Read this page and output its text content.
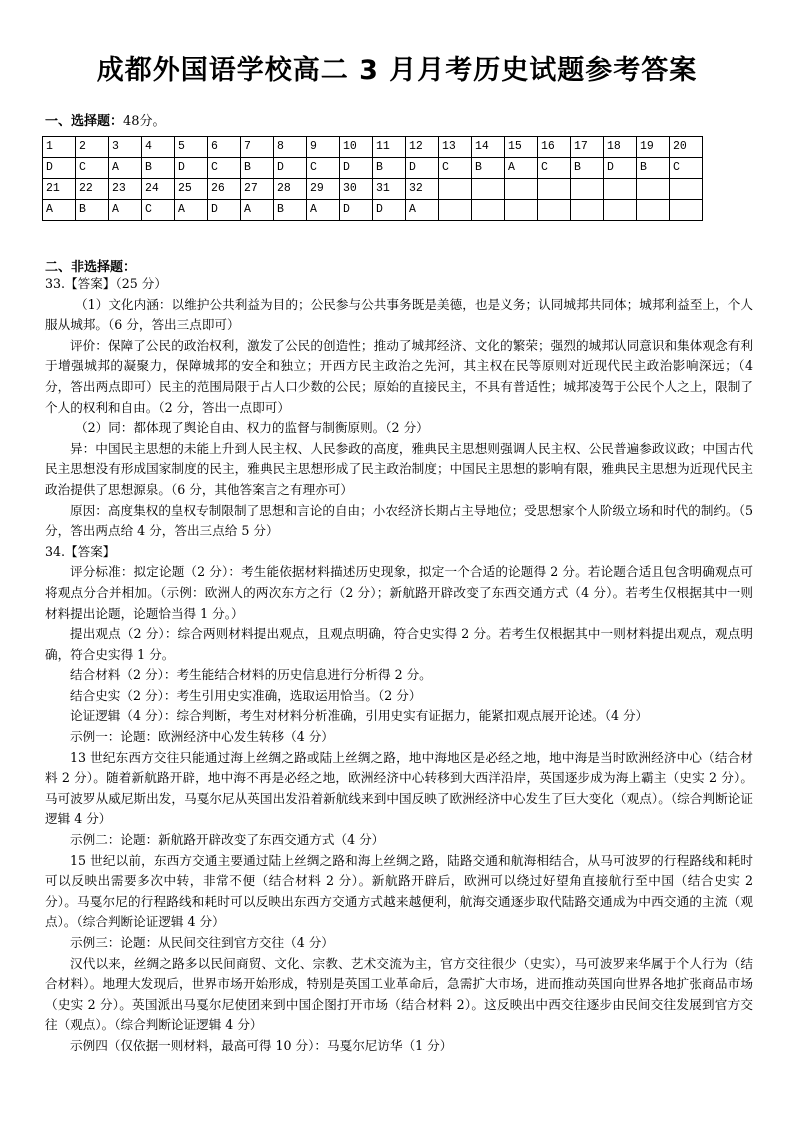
成都外国语学校高二 3 月月考历史试题参考答案
一、选择题：48分。
1	2	3	4	5	6	7	8	9	10	11	12	13	14	15	16	17	18	19	20
D	C	A	B	D	C	B	D	C	D	B	D	C	B	A	C	B	D	B	C
21	22	23	24	25	26	27	28	29	30	31	32								
A	B	A	C	A	D	A	B	A	D	D	A								
二、非选择题：

33.【答案】（25 分）

（1）文化内涵：以维护公共利益为目的；公民参与公共事务既是美德，也是义务；认同城邦共同体；城邦利益至上，个人服从城邦。（6 分，答出三点即可）

评价：保障了公民的政治权利，激发了公民的创造性；推动了城邦经济、文化的繁荣；强烈的城邦认同意识和集体观念有利于增强城邦的凝聚力，保障城邦的安全和独立；开西方民主政治之先河，其主权在民等原则对近现代民主政治影响深远；（4 分，答出两点即可）民主的范围局限于占人口少数的公民；原始的直接民主，不具有普适性；城邦凌驾于公民个人之上，限制了个人的权利和自由。（2 分，答出一点即可）

（2）同：都体现了舆论自由、权力的监督与制衡原则。（2 分）

异：中国民主思想的未能上升到人民主权、人民参政的高度，雅典民主思想则强调人民主权、公民普遍参政议政；中国古代民主思想没有形成国家制度的民主，雅典民主思想形成了民主政治制度；中国民主思想的影响有限，雅典民主思想为近现代民主政治提供了思想源泉。（6 分，其他答案言之有理亦可）

原因：高度集权的皇权专制限制了思想和言论的自由；小农经济长期占主导地位；受思想家个人阶级立场和时代的制约。（5 分，答出两点给 4 分，答出三点给 5 分）

34.【答案】

评分标准：拟定论题（2 分）：考生能依据材料描述历史现象，拟定一个合适的论题得 2 分。若论题合适且包含明确观点可将观点分合并相加。（示例：欧洲人的两次东方之行（2 分）；新航路开辟改变了东西交通方式（4 分）。若考生仅根据其中一则材料提出论题，论题恰当得 1 分。）

提出观点（2 分）：综合两则材料提出观点，且观点明确，符合史实得 2 分。若考生仅根据其中一则材料提出观点，观点明确，符合史实得 1 分。

结合材料（2 分）：考生能结合材料的历史信息进行分析得 2 分。

结合史实（2 分）：考生引用史实准确，选取运用恰当。（2 分）

论证逻辑（4 分）：综合判断，考生对材料分析准确，引用史实有证据力，能紧扣观点展开论述。（4 分）

示例一：论题：欧洲经济中心发生转移（4 分）

13 世纪东西方交往只能通过海上丝绸之路或陆上丝绸之路，地中海地区是必经之地，地中海是当时欧洲经济中心（结合材料 2 分）。随着新航路开辟，地中海不再是必经之地，欧洲经济中心转移到大西洋沿岸，英国逐步成为海上霸主（史实 2 分）。马可波罗从威尼斯出发，马戛尔尼从英国出发沿着新航线来到中国反映了欧洲经济中心发生了巨大变化（观点）。（综合判断论证逻辑 4 分）

示例二：论题：新航路开辟改变了东西交通方式（4 分）

15 世纪以前，东西方交通主要通过陆上丝绸之路和海上丝绸之路，陆路交通和航海相结合，从马可波罗的行程路线和耗时可以反映出需要多次中转，非常不便（结合材料 2 分）。新航路开辟后，欧洲可以绕过好望角直接航行至中国（结合史实 2 分）。马戛尔尼的行程路线和耗时可以反映出东西方交通方式越来越便利，航海交通逐步取代陆路交通成为中西交通的主流（观点）。（综合判断论证逻辑 4 分）

示例三：论题：从民间交往到官方交往（4 分）

汉代以来，丝绸之路多以民间商贸、文化、宗教、艺术交流为主，官方交往很少（史实），马可波罗来华属于个人行为（结合材料）。地理大发现后，世界市场开始形成，特别是英国工业革命后，急需扩大市场，进而推动英国向世界各地扩张商品市场（史实 2 分）。英国派出马戛尔尼使团来到中国企图打开市场（结合材料 2）。这反映出中西交往逐步由民间交往发展到官方交往（观点）。（综合判断论证逻辑 4 分）

示例四（仅依据一则材料，最高可得 10 分）：马戛尔尼访华（1 分）
